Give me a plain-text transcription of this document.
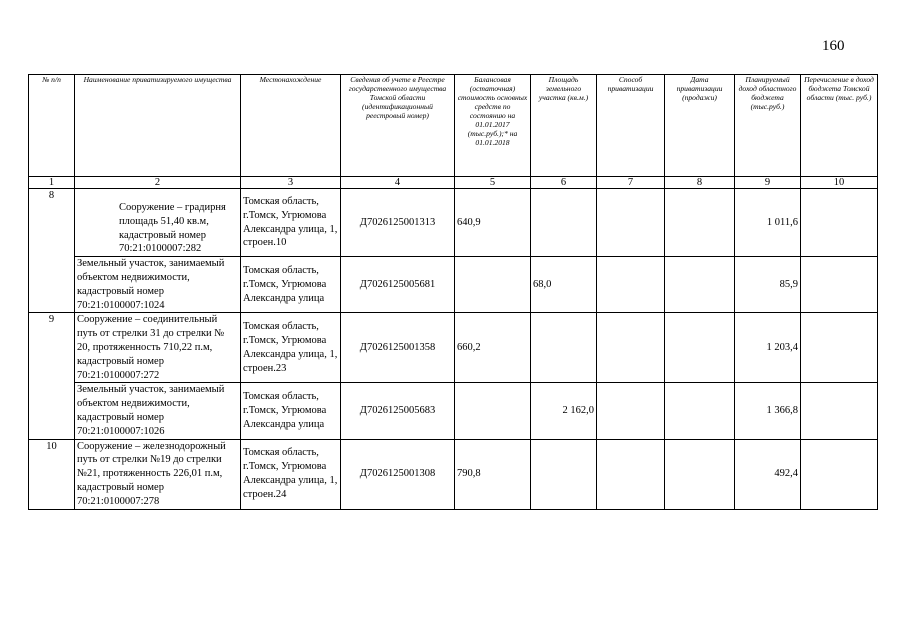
160
№ п/п	Наименование приватизируемого имущества	Местонахождение	Сведения об учете в Реестре государственного имущества Томской области (идентификационный реестровый номер)	Балансовая (остаточная) стоимость основных средств по состоянию на 01.01.2017 (тыс.руб.);* на 01.01.2018	Площадь земельного участка (кв.м.)	Способ приватизации	Дата приватизации (продажи)	Планируемый доход областного бюджета (тыс.руб.)	Перечисление в доход бюджета Томской области (тыс. руб.)
1	2	3	4	5	6	7	8	9	10
8	Сооружение – градирня площадь 51,40 кв.м, кадастровый номер 70:21:0100007:282	Томская область, г.Томск, Угрюмова Александра улица, 1, строен.10	Д7026125001313	640,9				1 011,6	
	Земельный участок, занимаемый объектом недвижимости, кадастровый номер 70:21:0100007:1024	Томская область, г.Томск, Угрюмова Александра улица	Д7026125005681		68,0			85,9	
9	Сооружение – соединительный путь от стрелки 31 до стрелки № 20, протяженность 710,22 п.м, кадастровый номер 70:21:0100007:272	Томская область, г.Томск, Угрюмова Александра улица, 1, строен.23	Д7026125001358	660,2				1 203,4	
	Земельный участок, занимаемый объектом недвижимости, кадастровый номер 70:21:0100007:1026	Томская область, г.Томск, Угрюмова Александра улица	Д7026125005683		2 162,0			1 366,8	
10	Сооружение – железнодорожный путь от стрелки №19 до стрелки №21, протяженность 226,01 п.м, кадастровый номер 70:21:0100007:278	Томская область, г.Томск, Угрюмова Александра улица, 1, строен.24	Д7026125001308	790,8				492,4	
